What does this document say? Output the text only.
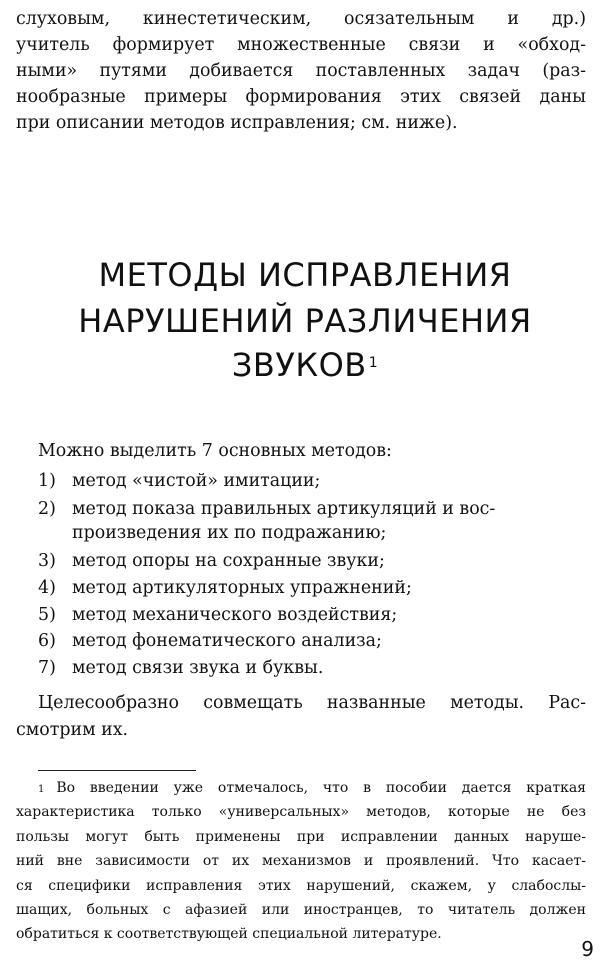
слуховым, кинестетическим, осязательным и др.)
учитель формирует множественные связи и «обход-
ными» путями добивается поставленных задач (раз-
нообразные примеры формирования этих связей даны
при описании методов исправления; см. ниже).
МЕТОДЫ ИСПРАВЛЕНИЯ
НАРУШЕНИЙ РАЗЛИЧЕНИЯ
ЗВУКОВ $^1$
Можно выделить 7 основных методов:
1) метод «чистой» имитации;
2) метод показа правильных артикуляций и вос-
произведения их по подражанию;
3) метод опоры на сохранные звуки;
4) метод артикуляторных упражнений;
5) метод механического воздействия;
6) метод фонематического анализа;
7) метод связи звука и буквы.
Целесообразно совмещать названные методы. Рас-
смотрим их.
$^1$ Во введении уже отмечалось, что в пособии дается краткая
характеристика только «универсальных» методов, которые не без
пользы могут быть применены при исправлении данных наруше-
ний вне зависимости от их механизмов и проявлений. Что касает-
ся специфики исправления этих нарушений, скажем, у слабослы-
шащих, больных с афазией или иностранцев, то читатель должен
обратиться к соответствующей специальной литературе.
9
